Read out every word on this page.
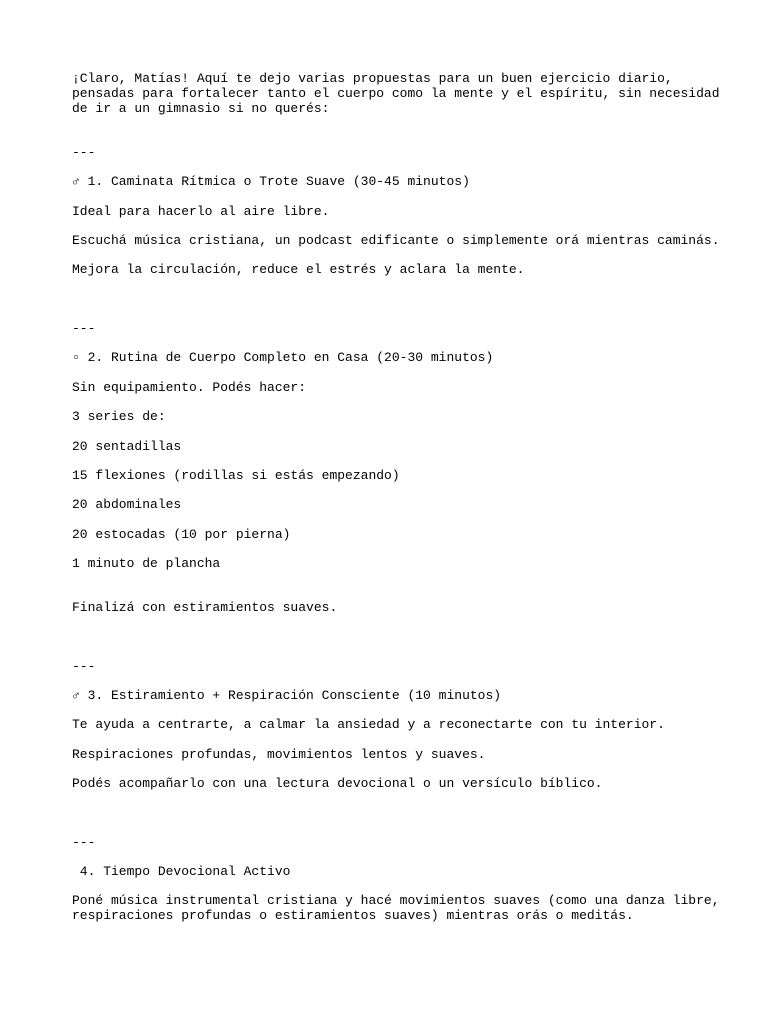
¡Claro, Matías! Aquí te dejo varias propuestas para un buen ejercicio diario,

pensadas para fortalecer tanto el cuerpo como la mente y el espíritu, sin necesidad

de ir a un gimnasio si no querés:

---

♂ 1. Caminata Rítmica o Trote Suave (30-45 minutos)

Ideal para hacerlo al aire libre.

Escuchá música cristiana, un podcast edificante o simplemente orá mientras caminás.

Mejora la circulación, reduce el estrés y aclara la mente.

---

▫ 2. Rutina de Cuerpo Completo en Casa (20-30 minutos)

Sin equipamiento. Podés hacer:

3 series de:

20 sentadillas

15 flexiones (rodillas si estás empezando)

20 abdominales

20 estocadas (10 por pierna)

1 minuto de plancha

Finalizá con estiramientos suaves.

---

♂ 3. Estiramiento + Respiración Consciente (10 minutos)

Te ayuda a centrarte, a calmar la ansiedad y a reconectarte con tu interior.

Respiraciones profundas, movimientos lentos y suaves.

Podés acompañarlo con una lectura devocional o un versículo bíblico.

---

4. Tiempo Devocional Activo

Poné música instrumental cristiana y hacé movimientos suaves (como una danza libre,

respiraciones profundas o estiramientos suaves) mientras orás o meditás.
